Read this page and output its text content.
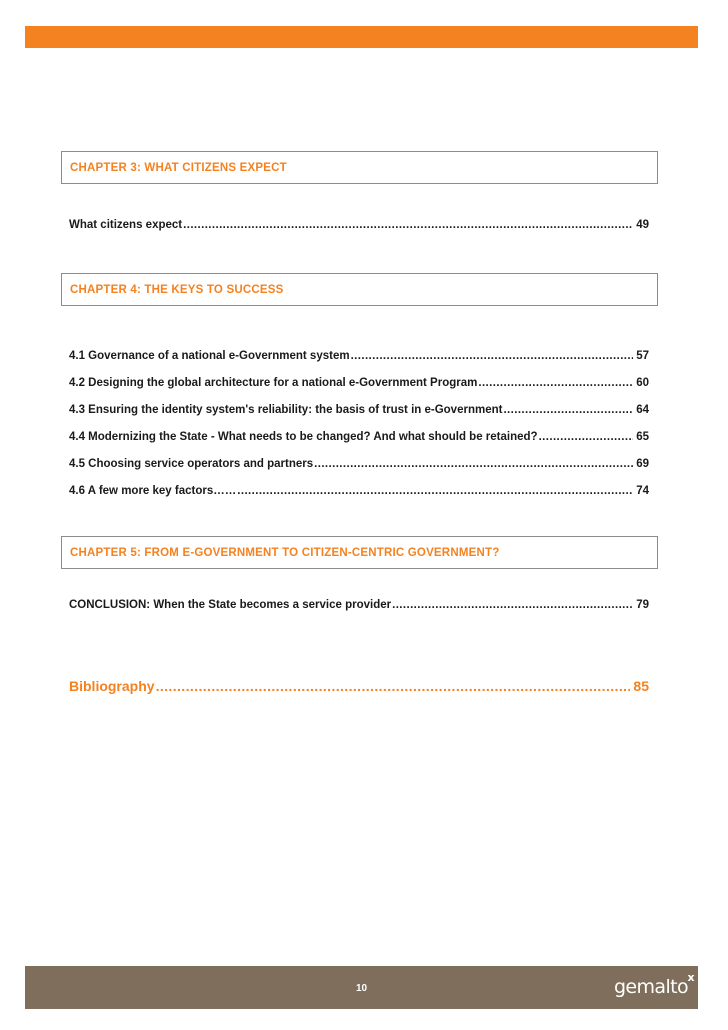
CHAPTER 3: WHAT CITIZENS EXPECT
What citizens expect .....	49
CHAPTER 4: THE KEYS TO SUCCESS
4.1 Governance of a national e-Government system .....	57
4.2 Designing the global architecture for a national e-Government Program .....	60
4.3 Ensuring the identity system's reliability: the basis of trust in e-Government .....	64
4.4 Modernizing the State - What needs to be changed? And what should be retained? .....	65
4.5 Choosing service operators and partners .....	69
4.6 A few more key factors…… .....	74
CHAPTER 5: FROM E-GOVERNMENT TO CITIZEN-CENTRIC GOVERNMENT?
CONCLUSION: When the State becomes a service provider .....	79
Bibliography .....	85
10	gemalto x
